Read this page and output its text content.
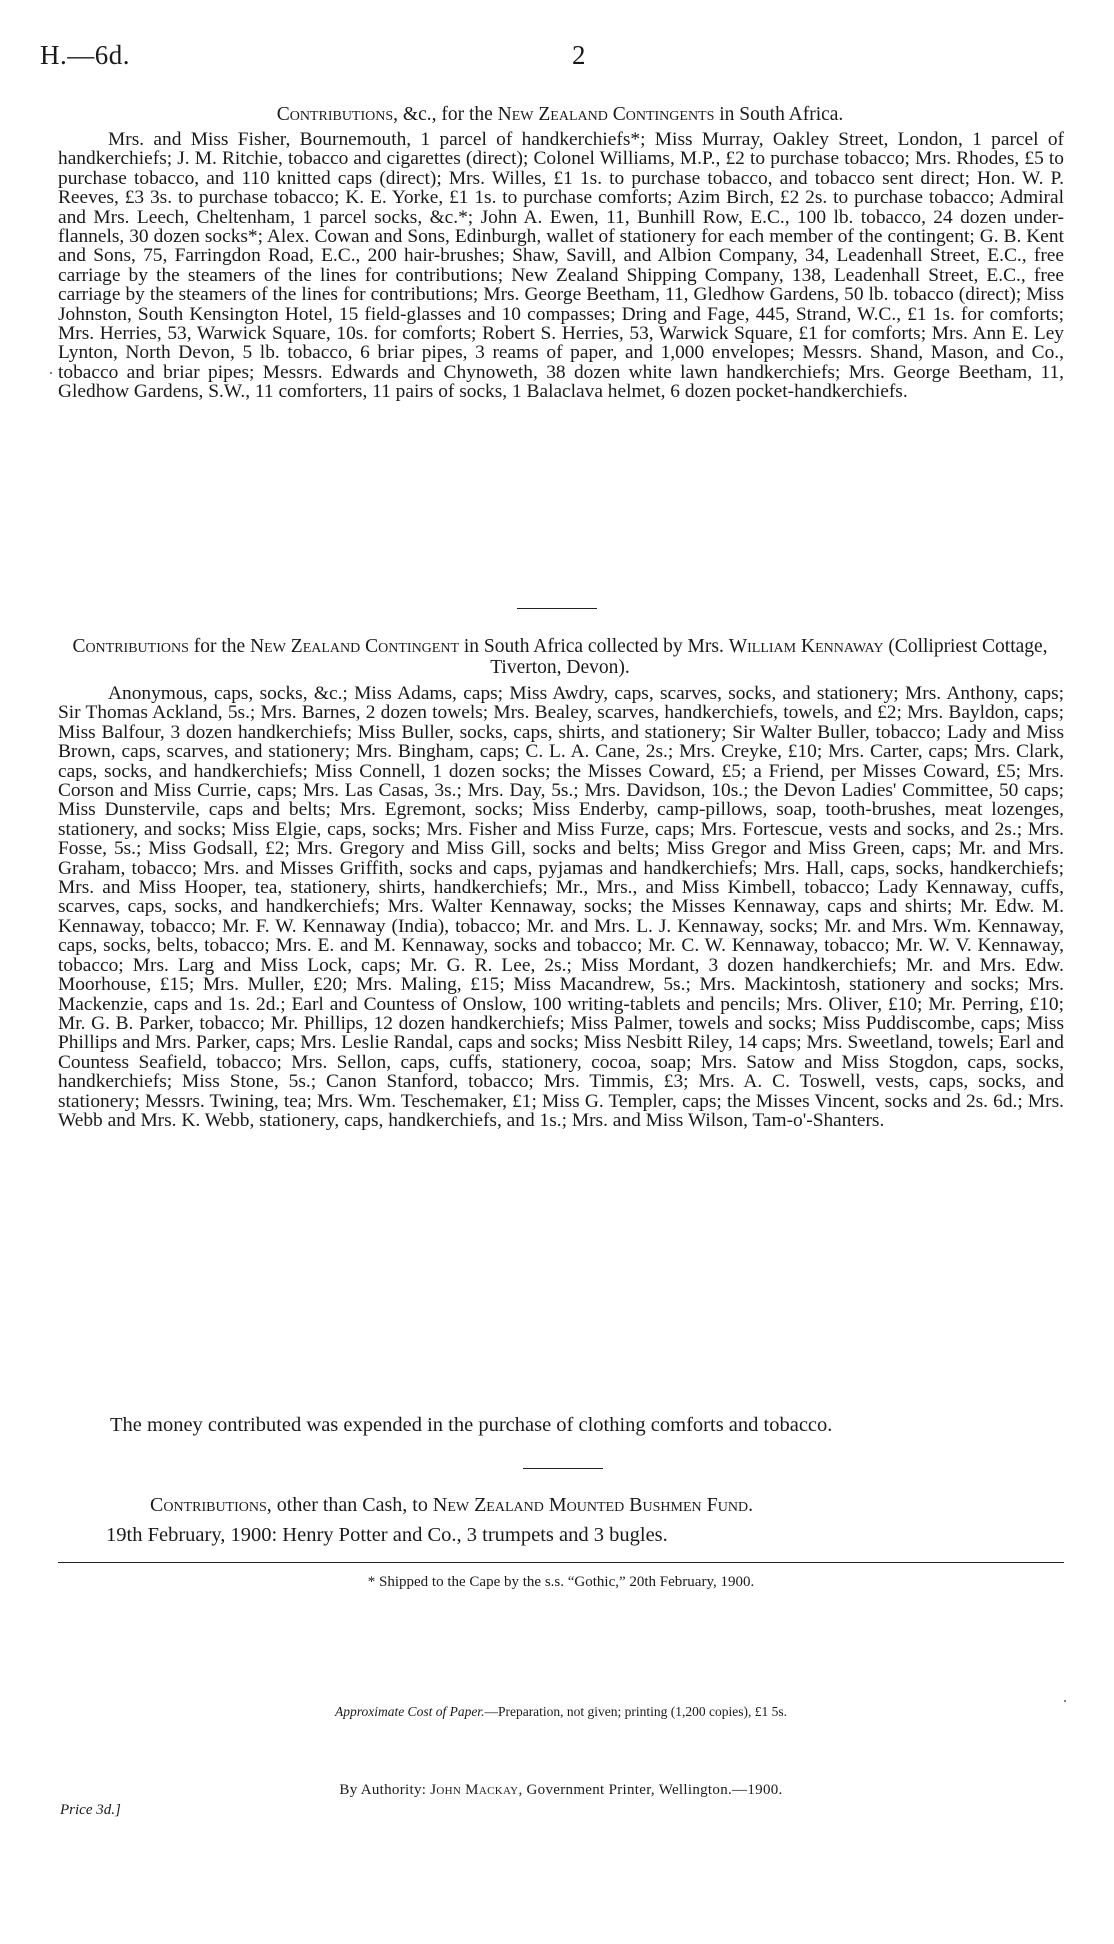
H.—6d.	2
Contributions, &c., for the New Zealand Contingents in South Africa.
Mrs. and Miss Fisher, Bournemouth, 1 parcel of handkerchiefs*; Miss Murray, Oakley Street, London, 1 parcel of handkerchiefs; J. M. Ritchie, tobacco and cigarettes (direct); Colonel Williams, M.P., £2 to purchase tobacco; Mrs. Rhodes, £5 to purchase tobacco, and 110 knitted caps (direct); Mrs. Willes, £1 1s. to purchase tobacco, and tobacco sent direct; Hon. W. P. Reeves, £3 3s. to purchase tobacco; K. E. Yorke, £1 1s. to purchase comforts; Azim Birch, £2 2s. to purchase tobacco; Admiral and Mrs. Leech, Cheltenham, 1 parcel socks, &c.*; John A. Ewen, 11, Bunhill Row, E.C., 100 lb. tobacco, 24 dozen under-flannels, 30 dozen socks*; Alex. Cowan and Sons, Edinburgh, wallet of stationery for each member of the contingent; G. B. Kent and Sons, 75, Farringdon Road, E.C., 200 hair-brushes; Shaw, Savill, and Albion Company, 34, Leadenhall Street, E.C., free carriage by the steamers of the lines for contributions; New Zealand Shipping Company, 138, Leadenhall Street, E.C., free carriage by the steamers of the lines for contributions; Mrs. George Beetham, 11, Gledhow Gardens, 50 lb. tobacco (direct); Miss Johnston, South Kensington Hotel, 15 field-glasses and 10 compasses; Dring and Fage, 445, Strand, W.C., £1 1s. for comforts; Mrs. Herries, 53, Warwick Square, 10s. for comforts; Robert S. Herries, 53, Warwick Square, £1 for comforts; Mrs. Ann E. Ley Lynton, North Devon, 5 lb. tobacco, 6 briar pipes, 3 reams of paper, and 1,000 envelopes; Messrs. Shand, Mason, and Co., tobacco and briar pipes; Messrs. Edwards and Chynoweth, 38 dozen white lawn handkerchiefs; Mrs. George Beetham, 11, Gledhow Gardens, S.W., 11 comforters, 11 pairs of socks, 1 Balaclava helmet, 6 dozen pocket-handkerchiefs.
Contributions for the New Zealand Contingent in South Africa collected by Mrs. William Kennaway (Collipriest Cottage, Tiverton, Devon).
Anonymous, caps, socks, &c.; Miss Adams, caps; Miss Awdry, caps, scarves, socks, and stationery; Mrs. Anthony, caps; Sir Thomas Ackland, 5s.; Mrs. Barnes, 2 dozen towels; Mrs. Bealey, scarves, handkerchiefs, towels, and £2; Mrs. Bayldon, caps; Miss Balfour, 3 dozen handkerchiefs; Miss Buller, socks, caps, shirts, and stationery; Sir Walter Buller, tobacco; Lady and Miss Brown, caps, scarves, and stationery; Mrs. Bingham, caps; C. L. A. Cane, 2s.; Mrs. Creyke, £10; Mrs. Carter, caps; Mrs. Clark, caps, socks, and handkerchiefs; Miss Connell, 1 dozen socks; the Misses Coward, £5; a Friend, per Misses Coward, £5; Mrs. Corson and Miss Currie, caps; Mrs. Las Casas, 3s.; Mrs. Day, 5s.; Mrs. Davidson, 10s.; the Devon Ladies' Committee, 50 caps; Miss Dunstervile, caps and belts; Mrs. Egremont, socks; Miss Enderby, camp-pillows, soap, tooth-brushes, meat lozenges, stationery, and socks; Miss Elgie, caps, socks; Mrs. Fisher and Miss Furze, caps; Mrs. Fortescue, vests and socks, and 2s.; Mrs. Fosse, 5s.; Miss Godsall, £2; Mrs. Gregory and Miss Gill, socks and belts; Miss Gregor and Miss Green, caps; Mr. and Mrs. Graham, tobacco; Mrs. and Misses Griffith, socks and caps, pyjamas and handkerchiefs; Mrs. Hall, caps, socks, handkerchiefs; Mrs. and Miss Hooper, tea, stationery, shirts, handkerchiefs; Mr., Mrs., and Miss Kimbell, tobacco; Lady Kennaway, cuffs, scarves, caps, socks, and handkerchiefs; Mrs. Walter Kennaway, socks; the Misses Kennaway, caps and shirts; Mr. Edw. M. Kennaway, tobacco; Mr. F. W. Kennaway (India), tobacco; Mr. and Mrs. L. J. Kennaway, socks; Mr. and Mrs. Wm. Kennaway, caps, socks, belts, tobacco; Mrs. E. and M. Kennaway, socks and tobacco; Mr. C. W. Kennaway, tobacco; Mr. W. V. Kennaway, tobacco; Mrs. Larg and Miss Lock, caps; Mr. G. R. Lee, 2s.; Miss Mordant, 3 dozen handkerchiefs; Mr. and Mrs. Edw. Moorhouse, £15; Mrs. Muller, £20; Mrs. Maling, £15; Miss Macandrew, 5s.; Mrs. Mackintosh, stationery and socks; Mrs. Mackenzie, caps and 1s. 2d.; Earl and Countess of Onslow, 100 writing-tablets and pencils; Mrs. Oliver, £10; Mr. Perring, £10; Mr. G. B. Parker, tobacco; Mr. Phillips, 12 dozen handkerchiefs; Miss Palmer, towels and socks; Miss Puddiscombe, caps; Miss Phillips and Mrs. Parker, caps; Mrs. Leslie Randal, caps and socks; Miss Nesbitt Riley, 14 caps; Mrs. Sweetland, towels; Earl and Countess Seafield, tobacco; Mrs. Sellon, caps, cuffs, stationery, cocoa, soap; Mrs. Satow and Miss Stogdon, caps, socks, handkerchiefs; Miss Stone, 5s.; Canon Stanford, tobacco; Mrs. Timmis, £3; Mrs. A. C. Toswell, vests, caps, socks, and stationery; Messrs. Twining, tea; Mrs. Wm. Teschemaker, £1; Miss G. Templer, caps; the Misses Vincent, socks and 2s. 6d.; Mrs. Webb and Mrs. K. Webb, stationery, caps, handkerchiefs, and 1s.; Mrs. and Miss Wilson, Tam-o'-Shanters.
The money contributed was expended in the purchase of clothing comforts and tobacco.
Contributions, other than Cash, to New Zealand Mounted Bushmen Fund.
19th February, 1900: Henry Potter and Co., 3 trumpets and 3 bugles.
* Shipped to the Cape by the s.s. “Gothic,” 20th February, 1900.
Approximate Cost of Paper.—Preparation, not given; printing (1,200 copies), £1 5s.
By Authority: John Mackay, Government Printer, Wellington.—1900.
Price 3d.]
